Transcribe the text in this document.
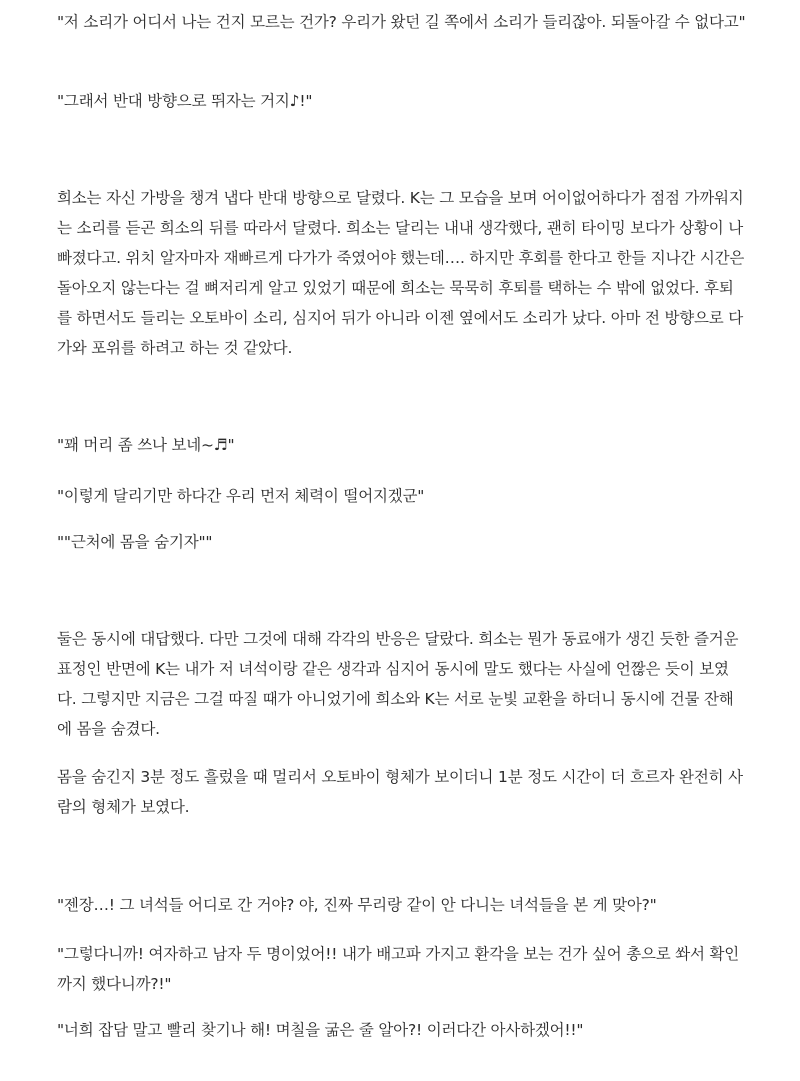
"저 소리가 어디서 나는 건지 모르는 건가? 우리가 왔던 길 쪽에서 소리가 들리잖아. 되돌아갈 수 없다고"

"그래서 반대 방향으로 뛰자는 거지♪!"

희소는 자신 가방을 챙겨 냅다 반대 방향으로 달렸다. K는 그 모습을 보며 어이없어하다가 점점 가까워지는 소리를 듣곤 희소의 뒤를 따라서 달렸다. 희소는 달리는 내내 생각했다, 괜히 타이밍 보다가 상황이 나빠졌다고. 위치 알자마자 재빠르게 다가가 죽였어야 했는데…. 하지만 후회를 한다고 한들 지나간 시간은 돌아오지 않는다는 걸 뼈저리게 알고 있었기 때문에 희소는 묵묵히 후퇴를 택하는 수 밖에 없었다. 후퇴를 하면서도 들리는 오토바이 소리, 심지어 뒤가 아니라 이젠 옆에서도 소리가 났다. 아마 전 방향으로 다가와 포위를 하려고 하는 것 같았다.

"꽤 머리 좀 쓰나 보네~♬"

"이렇게 달리기만 하다간 우리 먼저 체력이 떨어지겠군"

""근처에 몸을 숨기자""

둘은 동시에 대답했다. 다만 그것에 대해 각각의 반응은 달랐다. 희소는 뭔가 동료애가 생긴 듯한 즐거운 표정인 반면에 K는 내가 저 녀석이랑 같은 생각과 심지어 동시에 말도 했다는 사실에 언짢은 듯이 보였다. 그렇지만 지금은 그걸 따질 때가 아니었기에 희소와 K는 서로 눈빛 교환을 하더니 동시에 건물 잔해에 몸을 숨겼다.

몸을 숨긴지 3분 정도 흘렀을 때 멀리서 오토바이 형체가 보이더니 1분 정도 시간이 더 흐르자 완전히 사람의 형체가 보였다.

"젠장…! 그 녀석들 어디로 간 거야? 야, 진짜 무리랑 같이 안 다니는 녀석들을 본 게 맞아?"

"그렇다니까! 여자하고 남자 두 명이었어!! 내가 배고파 가지고 환각을 보는 건가 싶어 총으로 쏴서 확인까지 했다니까?!"

"너희 잡담 말고 빨리 찾기나 해! 며칠을 굶은 줄 알아?! 이러다간 아사하겠어!!"
